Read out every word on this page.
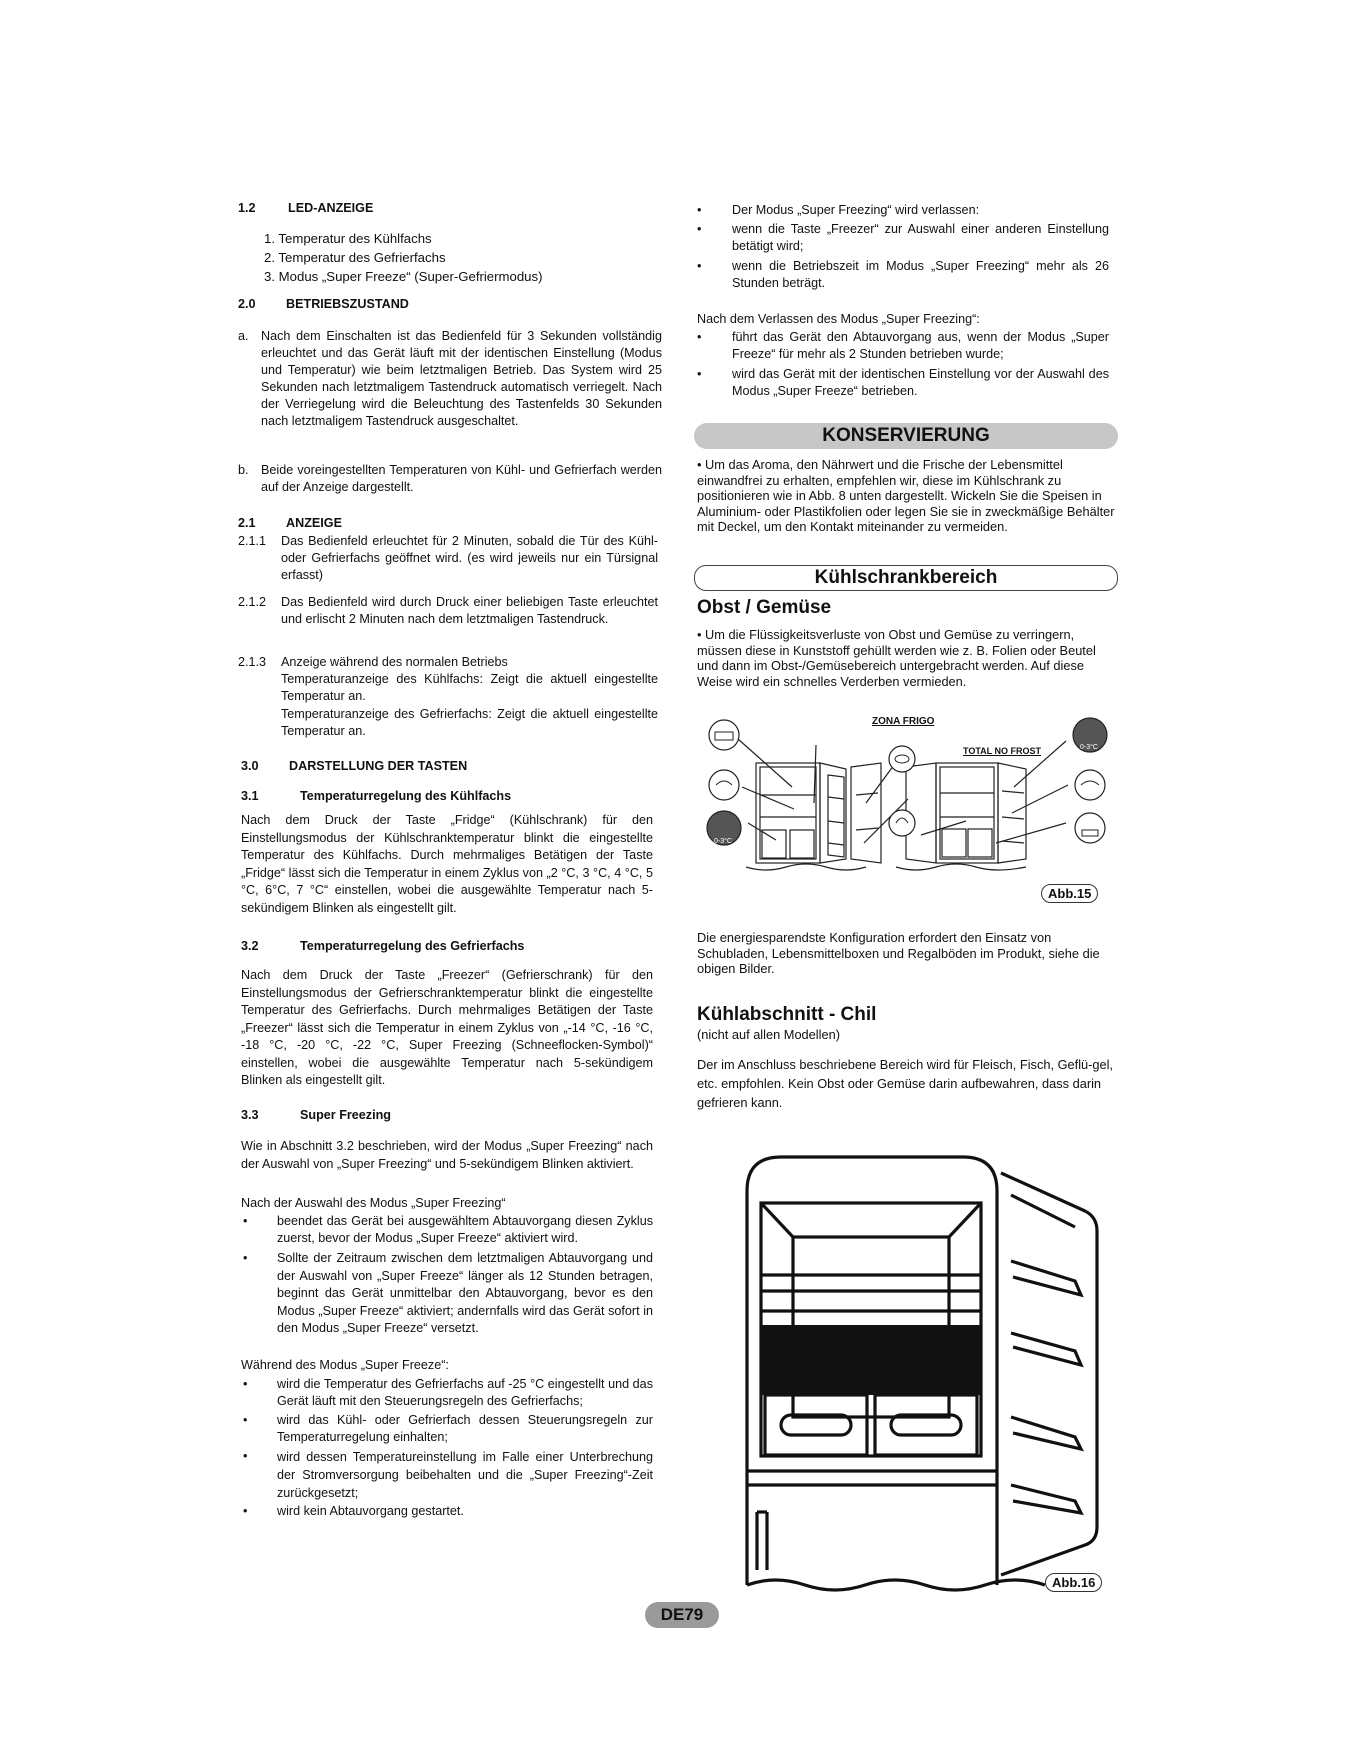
1.2	LED-ANZEIGE
1. Temperatur des Kühlfachs
2. Temperatur des Gefrierfachs
3. Modus „Super Freeze“ (Super-Gefriermodus)
2.0 BETRIEBSZUSTAND
a. Nach dem Einschalten ist das Bedienfeld für 3 Sekunden vollständig erleuchtet und das Gerät läuft mit der identischen Einstellung (Modus und Temperatur) wie beim letztmaligen Betrieb. Das System wird 25 Sekunden nach letztmaligem Tastendruck automatisch verriegelt. Nach der Verriegelung wird die Beleuchtung des Tastenfelds 30 Sekunden nach letztmaligem Tastendruck ausgeschaltet.

b. Beide voreingestellten Temperaturen von Kühl- und Gefrierfach werden auf der Anzeige dargestellt.

2.1 ANZEIGE
2.1.1 Das Bedienfeld erleuchtet für 2 Minuten, sobald die Tür des Kühl- oder Gefrierfachs geöffnet wird. (es wird jeweils nur ein Türsignal erfasst)

2.1.2 Das Bedienfeld wird durch Druck einer beliebigen Taste erleuchtet und erlischt 2 Minuten nach dem letztmaligen Tastendruck.

2.1.3 Anzeige während des normalen Betriebs

Temperaturanzeige des Kühlfachs: Zeigt die aktuell eingestellte Temperatur an.

Temperaturanzeige des Gefrierfachs: Zeigt die aktuell eingestellte Temperatur an.

3.0 DARSTELLUNG DER TASTEN
3.1	Temperaturregelung des Kühlfachs

Nach dem Druck der Taste „Fridge“ (Kühlschrank) für den Einstellungsmodus der Kühlschranktemperatur blinkt die eingestellte Temperatur des Kühlfachs. Durch mehrmaliges Betätigen der Taste „Fridge“ lässt sich die Temperatur in einem Zyklus von „2 °C, 3 °C, 4 °C, 5 °C, 6°C, 7 °C“ einstellen, wobei die ausgewählte Temperatur nach 5-sekündigem Blinken als eingestellt gilt.

3.2	Temperaturregelung des Gefrierfachs

Nach dem Druck der Taste „Freezer“ (Gefrierschrank) für den Einstellungsmodus der Gefrierschranktemperatur blinkt die eingestellte Temperatur des Gefrierfachs. Durch mehrmaliges Betätigen der Taste „Freezer“ lässt sich die Temperatur in einem Zyklus von „-14 °C, -16 °C, -18 °C, -20 °C, -22 °C, Super Freezing (Schneeflocken-Symbol)“ einstellen, wobei die ausgewählte Temperatur nach 5-sekündigem Blinken als eingestellt gilt.

3.3	Super Freezing

Wie in Abschnitt 3.2 beschrieben, wird der Modus „Super Freezing“ nach der Auswahl von „Super Freezing“ und 5-sekündigem Blinken aktiviert.

Nach der Auswahl des Modus „Super Freezing“

• beendet das Gerät bei ausgewähltem Abtauvorgang diesen Zyklus zuerst, bevor der Modus „Super Freeze“ aktiviert wird.

• Sollte der Zeitraum zwischen dem letztmaligen Abtauvorgang und der Auswahl von „Super Freeze“ länger als 12 Stunden betragen, beginnt das Gerät unmittelbar den Abtauvorgang, bevor es den Modus „Super Freeze“ aktiviert; andernfalls wird das Gerät sofort in den Modus „Super Freeze“ versetzt.

Während des Modus „Super Freeze“:

• wird die Temperatur des Gefrierfachs auf -25 °C eingestellt und das Gerät läuft mit den Steuerungsregeln des Gefrierfachs;

• wird das Kühl- oder Gefrierfach dessen Steuerungsregeln zur Temperaturregelung einhalten;

• wird dessen Temperatureinstellung im Falle einer Unterbrechung der Stromversorgung beibehalten und die „Super Freezing“-Zeit zurückgesetzt;

• wird kein Abtauvorgang gestartet.

• Der Modus „Super Freezing“ wird verlassen:

• wenn die Taste „Freezer“ zur Auswahl einer anderen Einstellung betätigt wird;

• wenn die Betriebszeit im Modus „Super Freezing“ mehr als 26 Stunden beträgt.

Nach dem Verlassen des Modus „Super Freezing“:

• führt das Gerät den Abtauvorgang aus, wenn der Modus „Super Freeze“ für mehr als 2 Stunden betrieben wurde;

• wird das Gerät mit der identischen Einstellung vor der Auswahl des Modus „Super Freeze“ betrieben.

KONSERVIERUNG

• Um das Aroma, den Nährwert und die Frische der Lebensmittel einwandfrei zu erhalten, empfehlen wir, diese im Kühlschrank zu positionieren wie in Abb. 8 unten dargestellt. Wickeln Sie die Speisen in Aluminium- oder Plastikfolien oder legen Sie sie in zweckmäßige Behälter mit Deckel, um den Kontakt miteinander zu vermeiden.

Kühlschrankbereich
Obst / Gemüse

• Um die Flüssigkeitsverluste von Obst und Gemüse zu verringern, müssen diese in Kunststoff gehüllt werden wie z. B. Folien oder Beutel und dann im Obst-/Gemüsebereich untergebracht werden. Auf diese Weise wird ein schnelles Verderben vermieden.

ZONA FRIGO
TOTAL NO FROST
0-3°C
0-3°C
Abb.15

Die energiesparendste Konfiguration erfordert den Einsatz von Schubladen, Lebensmittelboxen und Regalböden im Produkt, siehe die obigen Bilder.

Kühlabschnitt - Chil
(nicht auf allen Modellen)

Der im Anschluss beschriebene Bereich wird für Fleisch, Fisch, Geflü-gel, etc. empfohlen. Kein Obst oder Gemüse darin aufbewahren, dass darin gefrieren kann.

Abb.16
DE79
